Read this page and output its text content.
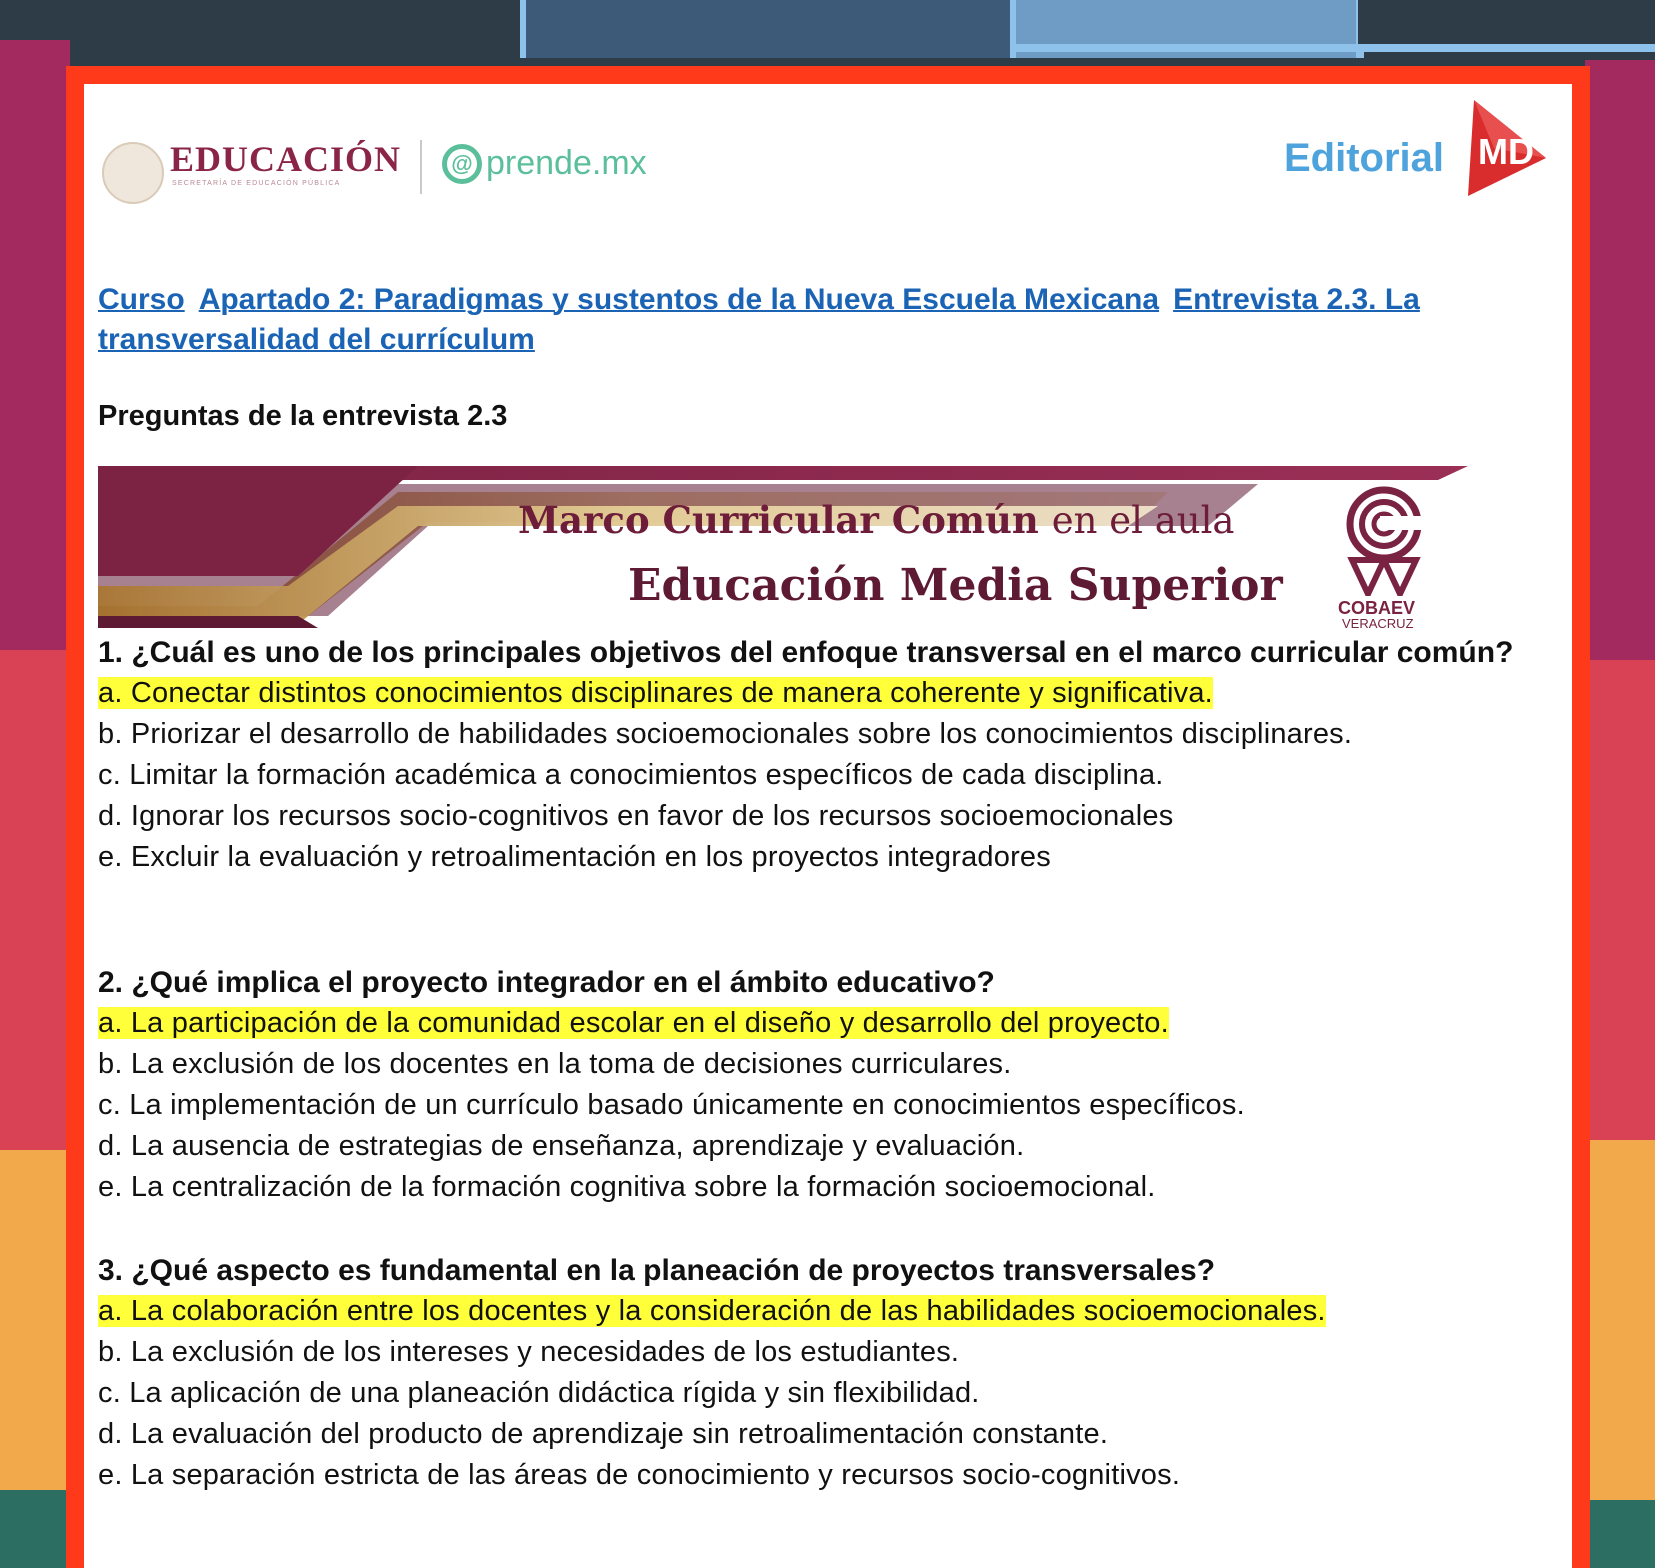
EDUCACIÓN
SECRETARÍA DE EDUCACIÓN PÚBLICA
@ prende.mx	Editorial MD
Curso Apartado 2: Paradigmas y sustentos de la Nueva Escuela Mexicana Entrevista 2.3. La transversalidad del currículum
Preguntas de la entrevista 2.3
Marco Curricular Común en el aula
Educación Media Superior	COBAEV
VERACRUZ

1. ¿Cuál es uno de los principales objetivos del enfoque transversal en el marco curricular común?

a. Conectar distintos conocimientos disciplinares de manera coherente y significativa.

b. Priorizar el desarrollo de habilidades socioemocionales sobre los conocimientos disciplinares.

c. Limitar la formación académica a conocimientos específicos de cada disciplina.

d. Ignorar los recursos socio-cognitivos en favor de los recursos socioemocionales

e. Excluir la evaluación y retroalimentación en los proyectos integradores

2. ¿Qué implica el proyecto integrador en el ámbito educativo?

a. La participación de la comunidad escolar en el diseño y desarrollo del proyecto.

b. La exclusión de los docentes en la toma de decisiones curriculares.

c. La implementación de un currículo basado únicamente en conocimientos específicos.

d. La ausencia de estrategias de enseñanza, aprendizaje y evaluación.

e. La centralización de la formación cognitiva sobre la formación socioemocional.

3. ¿Qué aspecto es fundamental en la planeación de proyectos transversales?

a. La colaboración entre los docentes y la consideración de las habilidades socioemocionales.

b. La exclusión de los intereses y necesidades de los estudiantes.

c. La aplicación de una planeación didáctica rígida y sin flexibilidad.

d. La evaluación del producto de aprendizaje sin retroalimentación constante.

e. La separación estricta de las áreas de conocimiento y recursos socio-cognitivos.
